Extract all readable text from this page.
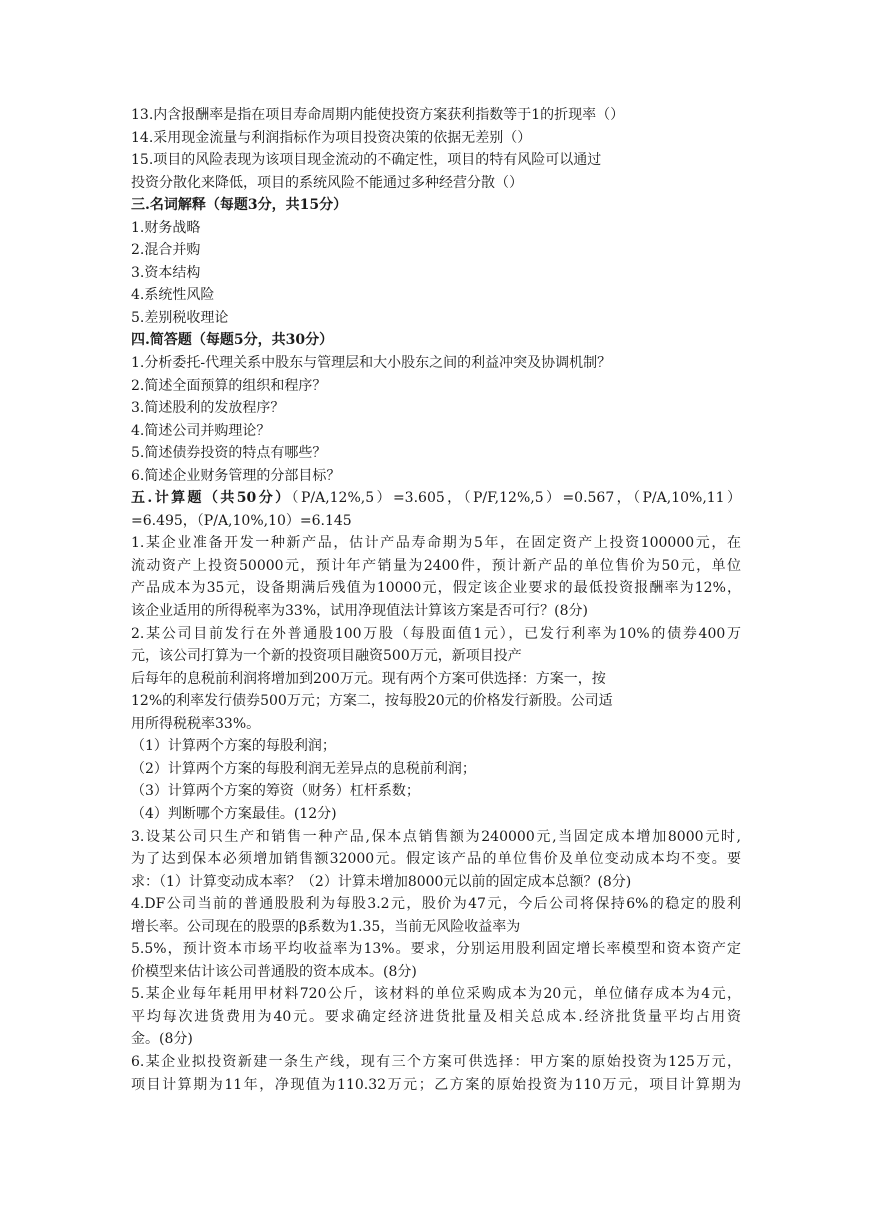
13.内含报酬率是指在项目寿命周期内能使投资方案获利指数等于1的折现率（）
14.采用现金流量与利润指标作为项目投资决策的依据无差别（）
15.项目的风险表现为该项目现金流动的不确定性，项目的特有风险可以通过
投资分散化来降低，项目的系统风险不能通过多种经营分散（）
三.名词解释（每题3分，共15分）
1.财务战略
2.混合并购
3.资本结构
4.系统性风险
5.差别税收理论
四.简答题（每题5分，共30分）
1.分析委托-代理关系中股东与管理层和大小股东之间的利益冲突及协调机制？
2.简述全面预算的组织和程序？
3.简述股利的发放程序？
4.简述公司并购理论？
5.简述债券投资的特点有哪些？
6.简述企业财务管理的分部目标？
五.计算题（共50分）（P/A,12%,5）=3.605，（P/F,12%,5）=0.567，（P/A,10%,11）
=6.495，（P/A,10%,10）=6.145
1.某企业准备开发一种新产品，估计产品寿命期为5年，在固定资产上投资100000元，在
流动资产上投资50000元，预计年产销量为2400件，预计新产品的单位售价为50元，单位
产品成本为35元，设备期满后残值为10000元，假定该企业要求的最低投资报酬率为12%，
该企业适用的所得税率为33%，试用净现值法计算该方案是否可行？(8分)
2.某公司目前发行在外普通股100万股（每股面值1元），已发行利率为10%的债券400万
元，该公司打算为一个新的投资项目融资500万元，新项目投产
后每年的息税前利润将增加到200万元。现有两个方案可供选择：方案一，按
12%的利率发行债券500万元；方案二，按每股20元的价格发行新股。公司适
用所得税税率33%。
（1）计算两个方案的每股利润；
（2）计算两个方案的每股利润无差异点的息税前利润；
（3）计算两个方案的筹资（财务）杠杆系数；
（4）判断哪个方案最佳。(12分)
3.设某公司只生产和销售一种产品,保本点销售额为240000元,当固定成本增加8000元时,
为了达到保本必须增加销售额32000元。假定该产品的单位售价及单位变动成本均不变。要
求：（1）计算变动成本率？（2）计算未增加8000元以前的固定成本总额？(8分)
4.DF公司当前的普通股股利为每股3.2元，股价为47元，今后公司将保持6%的稳定的股利
增长率。公司现在的股票的β系数为1.35，当前无风险收益率为
5.5%，预计资本市场平均收益率为13%。要求，分别运用股利固定增长率模型和资本资产定
价模型来估计该公司普通股的资本成本。(8分)
5.某企业每年耗用甲材料720公斤，该材料的单位采购成本为20元，单位储存成本为4元，
平均每次进货费用为40元。要求确定经济进货批量及相关总成本.经济批货量平均占用资
金。(8分)
6.某企业拟投资新建一条生产线，现有三个方案可供选择：甲方案的原始投资为125万元，
项目计算期为11年，净现值为110.32万元；乙方案的原始投资为110万元，项目计算期为
